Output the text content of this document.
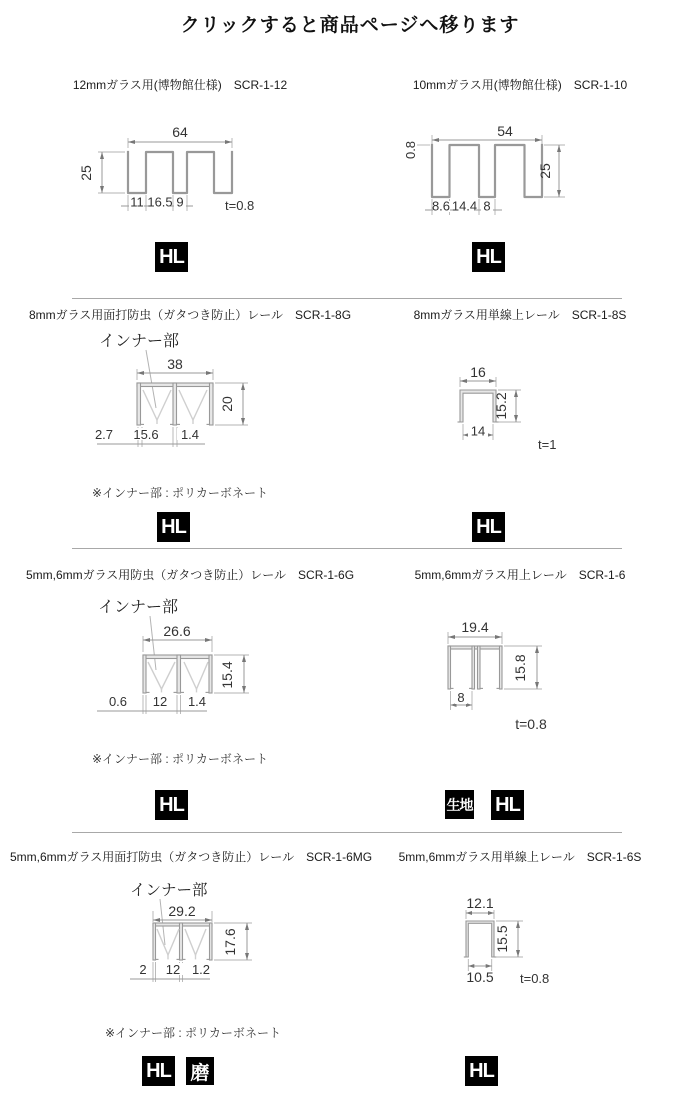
クリックすると商品ページへ移ります
12mmガラス用(博物館仕様)　SCR-1-12
64
25
11 16.5 9	t=0.8
HL
10mmガラス用(博物館仕様)　SCR-1-10
54
0.8
25
8.6 14.4 8
HL
8mmガラス用面打防虫（ガタつき防止）レール　SCR-1-8G
インナー部
38
20
2.7 15.6 1.4
※インナー部 : ポリカーボネート
HL
8mmガラス用単線上レール　SCR-1-8S
16
15.2
14
t=1
HL
5mm,6mmガラス用防虫（ガタつき防止）レール　SCR-1-6G
インナー部
26.6
15.4
0.6 12 1.4
※インナー部 : ポリカーボネート
HL
5mm,6mmガラス用上レール　SCR-1-6
19.4
15.8
8
t=0.8
生地 HL
5mm,6mmガラス用面打防虫（ガタつき防止）レール　SCR-1-6MG
インナー部
29.2
17.6
2 12 1.2
※インナー部 : ポリカーボネート
HL 磨
5mm,6mmガラス用単線上レール　SCR-1-6S
12.1
15.5
10.5 t=0.8
HL
